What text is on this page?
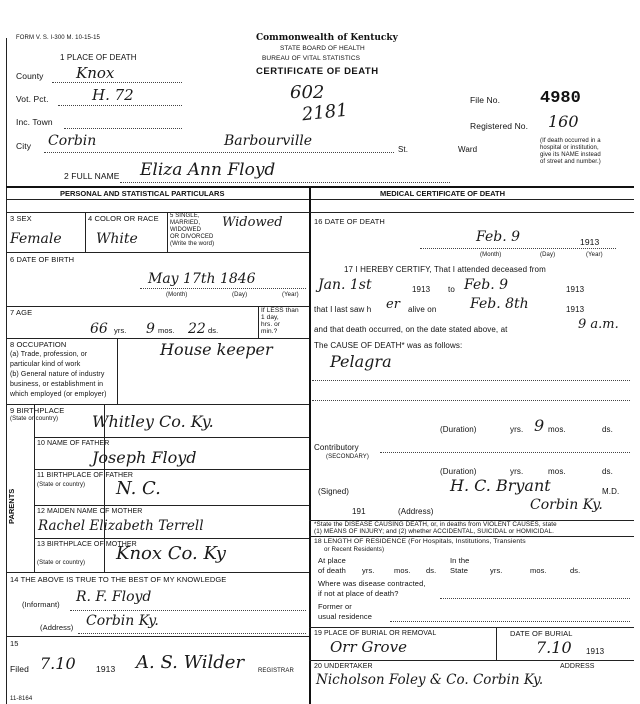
FORM V. S. I-300 M. 10-15-15	Commonwealth of Kentucky
STATE BOARD OF HEALTH
BUREAU OF VITAL STATISTICS
CERTIFICATE OF DEATH
602
2181
1 PLACE OF DEATH
County Knox
Vot. Pct.	H. 72
Inc. Town
City Corbin	Barbourville
St.	Ward
File No. 4980
Registered No. 160
(If death occurred in a
hospital or institution,
give its NAME instead
of street and number.)
2 FULL NAME Eliza Ann Floyd
PERSONAL AND STATISTICAL PARTICULARS	MEDICAL CERTIFICATE OF DEATH
3 SEX
Female
4 COLOR OR RACE
White
5 SINGLE,
MARRIED,
WIDOWED
OR DIVORCED
(Write the word)
Widowed
6 DATE OF BIRTH
May 17th 1846
(Month)	(Day)	(Year)
7 AGE
66 yrs. 9 mos. 22 ds.
If LESS than
1 day,
hrs. or
min.?
8 OCCUPATION
(a) Trade, profession, or
particular kind of work
(b) General nature of industry
business, or establishment in
which employed (or employer)
House keeper
9 BIRTHPLACE
(State or country) Whitley Co. Ky.
PARENTS
10 NAME OF FATHER
Joseph Floyd
11 BIRTHPLACE OF FATHER
(State or country) N. C.
12 MAIDEN NAME OF MOTHER
Rachel Elizabeth Terrell
13 BIRTHPLACE OF MOTHER
(State or country) Knox Co. Ky
14 THE ABOVE IS TRUE TO THE BEST OF MY KNOWLEDGE
(Informant) R. F. Floyd
(Address) Corbin Ky.
15
Filed 7.10 1913 A. S. Wilder REGISTRAR
11-8164
16 DATE OF DEATH
Feb. 9	1913
(Month)	(Day)	(Year)
17 I HEREBY CERTIFY, That I attended deceased from
Jan. 1st	1913 to Feb. 9	1913
that I last saw h er alive on Feb. 8th	1913
and that death occurred, on the date stated above, at	9 a.m.
The CAUSE OF DEATH* was as follows:
Pelagra
(Duration)	yrs. 9 mos.	ds.
Contributory
(SECONDARY)
(Duration)	yrs.	mos.	ds.
(Signed)	H. C. Bryant	M.D.
191	(Address)	Corbin Ky.
*State the DISEASE CAUSING DEATH, or, in deaths from VIOLENT CAUSES, state
(1) MEANS OF INJURY; and (2) whether ACCIDENTAL, SUICIDAL or HOMICIDAL.
18 LENGTH OF RESIDENCE (For Hospitals, Institutions, Transients
or Recent Residents)
At place
of death yrs.	mos. ds.
In the
State	yrs.	mos.	ds.
Where was disease contracted,
if not at place of death?
Former or
usual residence
19 PLACE OF BURIAL OR REMOVAL
Orr Grove
DATE OF BURIAL
7.10 1913
20 UNDERTAKER	ADDRESS
Nicholson Foley & Co. Corbin Ky.
